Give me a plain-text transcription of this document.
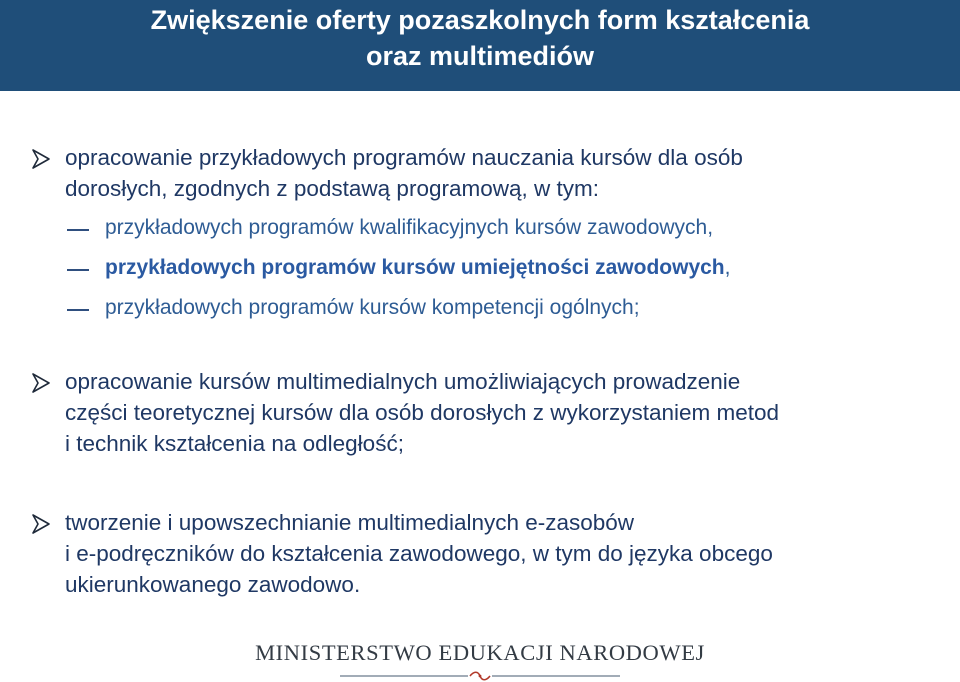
Zwiększenie oferty pozaszkolnych form kształcenia
oraz multimediów
opracowanie przykładowych programów nauczania kursów dla osób
dorosłych, zgodnych z podstawą programową, w tym:
przykładowych programów kwalifikacyjnych kursów zawodowych,
przykładowych programów kursów umiejętności zawodowych,
przykładowych programów kursów kompetencji ogólnych;
opracowanie kursów multimedialnych umożliwiających prowadzenie
części teoretycznej kursów dla osób dorosłych z wykorzystaniem metod
i technik kształcenia na odległość;
tworzenie i upowszechnianie multimedialnych e-zasobów
i e-podręczników do kształcenia zawodowego, w tym do języka obcego
ukierunkowanego zawodowo.
MINISTERSTWO EDUKACJI NARODOWEJ
